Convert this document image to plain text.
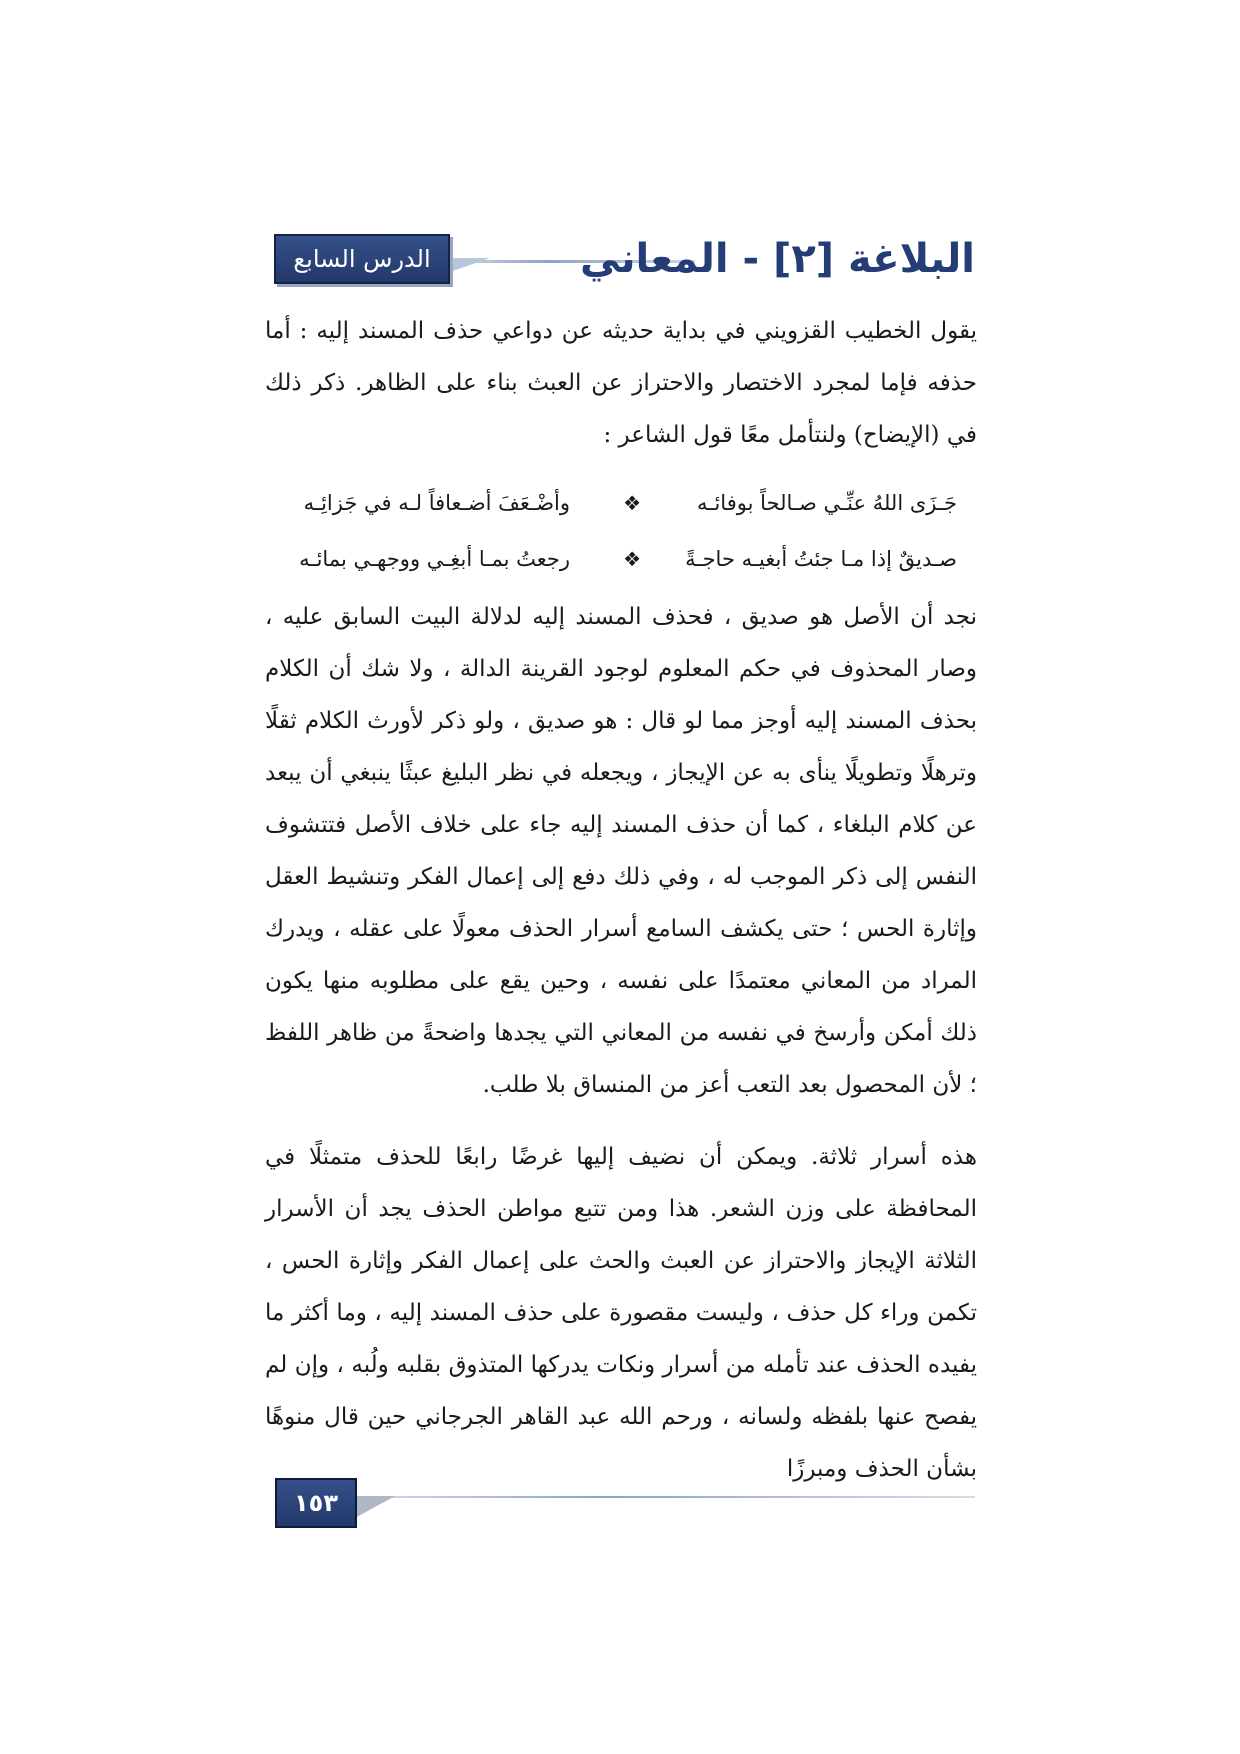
الدرس السابع	البلاغة [٢] - المعاني

يقول الخطيب القزويني في بداية حديثه عن دواعي حذف المسند إليه : أما حذفه فإما لمجرد الاختصار والاحتراز عن العبث بناء على الظاهر. ذكر ذلك في (الإيضاح) ولنتأمل معًا قول الشاعر :

جَـزَى اللهُ عنِّـي صـالحاً بوفائـه
❖
وأضْـعَفَ أضـعافاً لـه في جَزائِـه
صـديقٌ إذا مـا جئتُ أبغيـه حاجـةً
❖
رجعتُ بمـا أبغِـي ووجهـي بمائـه

نجد أن الأصل هو صديق ، فحذف المسند إليه لدلالة البيت السابق عليه ، وصار المحذوف في حكم المعلوم لوجود القرينة الدالة ، ولا شك أن الكلام بحذف المسند إليه أوجز مما لو قال : هو صديق ، ولو ذكر لأورث الكلام ثقلًا وترهلًا وتطويلًا ينأى به عن الإيجاز ، ويجعله في نظر البليغ عبثًا ينبغي أن يبعد عن كلام البلغاء ، كما أن حذف المسند إليه جاء على خلاف الأصل فتتشوف النفس إلى ذكر الموجب له ، وفي ذلك دفع إلى إعمال الفكر وتنشيط العقل وإثارة الحس ؛ حتى يكشف السامع أسرار الحذف معولًا على عقله ، ويدرك المراد من المعاني معتمدًا على نفسه ، وحين يقع على مطلوبه منها يكون ذلك أمكن وأرسخ في نفسه من المعاني التي يجدها واضحةً من ظاهر اللفظ ؛ لأن المحصول بعد التعب أعز من المنساق بلا طلب.

هذه أسرار ثلاثة. ويمكن أن نضيف إليها غرضًا رابعًا للحذف متمثلًا في المحافظة على وزن الشعر. هذا ومن تتبع مواطن الحذف يجد أن الأسرار الثلاثة الإيجاز والاحتراز عن العبث والحث على إعمال الفكر وإثارة الحس ، تكمن وراء كل حذف ، وليست مقصورة على حذف المسند إليه ، وما أكثر ما يفيده الحذف عند تأمله من أسرار ونكات يدركها المتذوق بقلبه ولُبه ، وإن لم يفصح عنها بلفظه ولسانه ، ورحم الله عبد القاهر الجرجاني حين قال منوهًا بشأن الحذف ومبرزًا

١٥٣
